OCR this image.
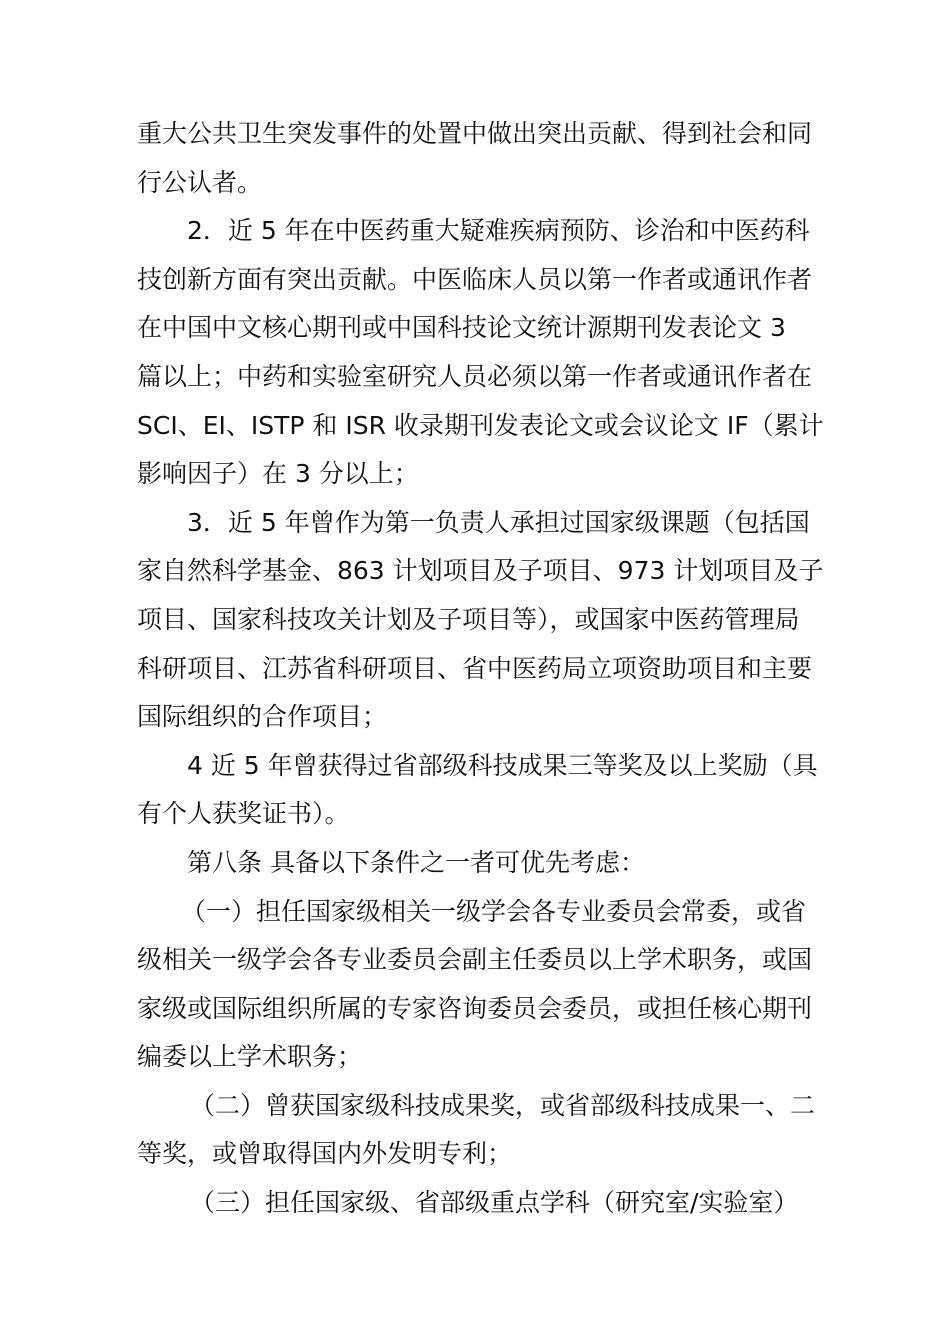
重大公共卫生突发事件的处置中做出突出贡献、得到社会和同
行公认者。
2．近 5 年在中医药重大疑难疾病预防、诊治和中医药科
技创新方面有突出贡献。中医临床人员以第一作者或通讯作者
在中国中文核心期刊或中国科技论文统计源期刊发表论文 3
篇以上；中药和实验室研究人员必须以第一作者或通讯作者在
SCI、EI、ISTP 和 ISR 收录期刊发表论文或会议论文 IF（累计
影响因子）在 3 分以上；
3．近 5 年曾作为第一负责人承担过国家级课题（包括国
家自然科学基金、863 计划项目及子项目、973 计划项目及子
项目、国家科技攻关计划及子项目等），或国家中医药管理局
科研项目、江苏省科研项目、省中医药局立项资助项目和主要
国际组织的合作项目；
4 近 5 年曾获得过省部级科技成果三等奖及以上奖励（具
有个人获奖证书）。
第八条 具备以下条件之一者可优先考虑：
（一）担任国家级相关一级学会各专业委员会常委，或省
级相关一级学会各专业委员会副主任委员以上学术职务，或国
家级或国际组织所属的专家咨询委员会委员，或担任核心期刊
编委以上学术职务；
（二）曾获国家级科技成果奖，或省部级科技成果一、二
等奖，或曾取得国内外发明专利；
（三）担任国家级、省部级重点学科（研究室/实验室）
